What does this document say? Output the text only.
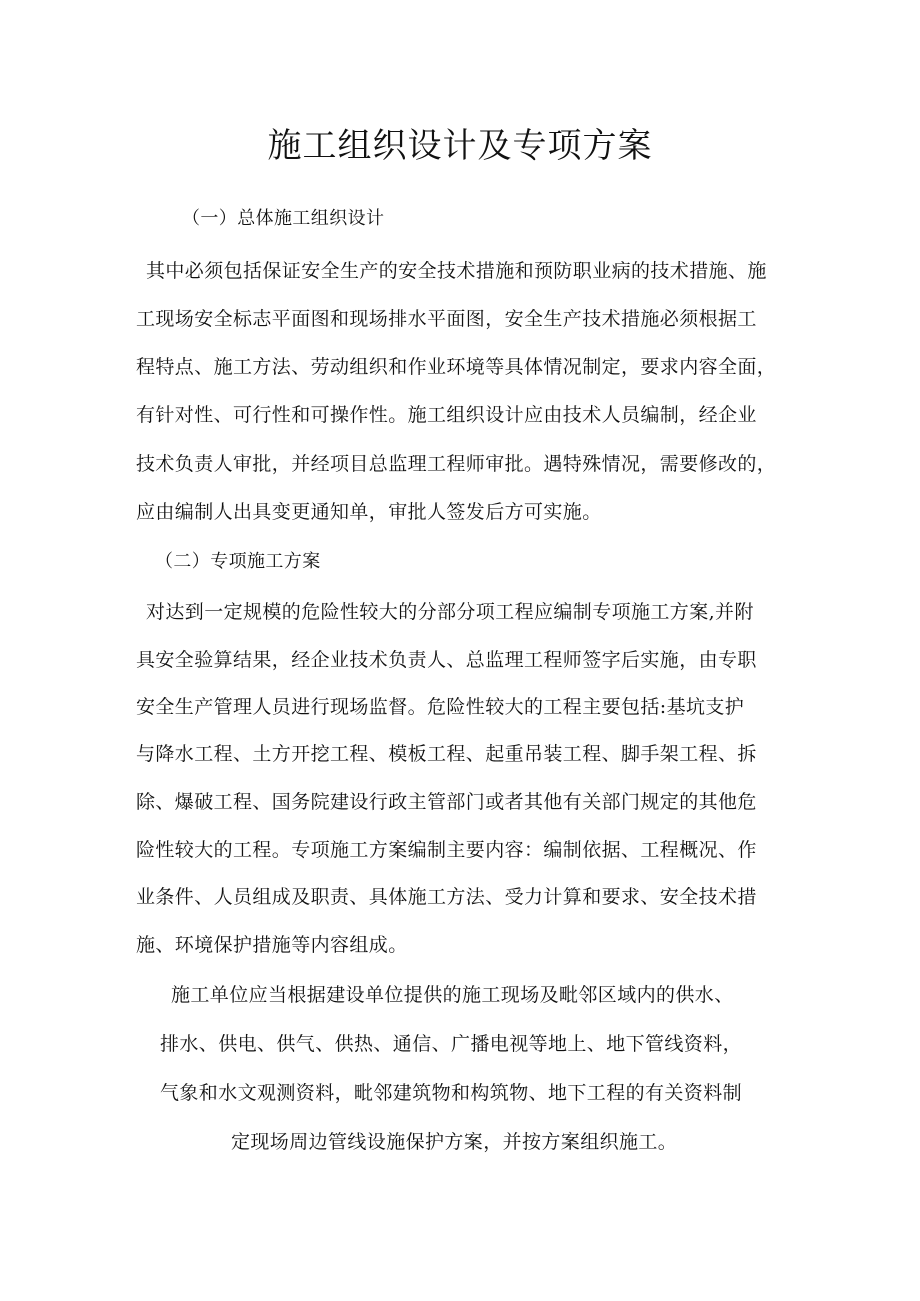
施工组织设计及专项方案

（一）总体施工组织设计

其中必须包括保证安全生产的安全技术措施和预防职业病的技术措施、施

工现场安全标志平面图和现场排水平面图，安全生产技术措施必须根据工

程特点、施工方法、劳动组织和作业环境等具体情况制定，要求内容全面，

有针对性、可行性和可操作性。施工组织设计应由技术人员编制，经企业

技术负责人审批，并经项目总监理工程师审批。遇特殊情况，需要修改的，

应由编制人出具变更通知单，审批人签发后方可实施。

（二）专项施工方案

对达到一定规模的危险性较大的分部分项工程应编制专项施工方案,并附

具安全验算结果，经企业技术负责人、总监理工程师签字后实施，由专职

安全生产管理人员进行现场监督。危险性较大的工程主要包括:基坑支护

与降水工程、土方开挖工程、模板工程、起重吊装工程、脚手架工程、拆

除、爆破工程、国务院建设行政主管部门或者其他有关部门规定的其他危

险性较大的工程。专项施工方案编制主要内容：编制依据、工程概况、作

业条件、人员组成及职责、具体施工方法、受力计算和要求、安全技术措

施、环境保护措施等内容组成。

施工单位应当根据建设单位提供的施工现场及毗邻区域内的供水、

排水、供电、供气、供热、通信、广播电视等地上、地下管线资料，

气象和水文观测资料，毗邻建筑物和构筑物、地下工程的有关资料制

定现场周边管线设施保护方案，并按方案组织施工。
